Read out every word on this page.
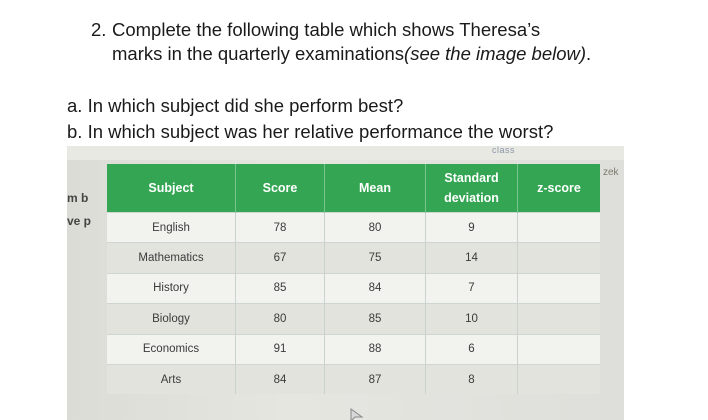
2. Complete the following table which shows Theresa’s
marks in the quarterly examinations(see the image below).
a. In which subject did she perform best?
b. In which subject was her relative performance the worst?
class
m b
ve p
zek
Subject	Score	Mean	Standard deviation	z-score
English	78	80	9	
Mathematics	67	75	14	
History	85	84	7	
Biology	80	85	10	
Economics	91	88	6	
Arts	84	87	8	
